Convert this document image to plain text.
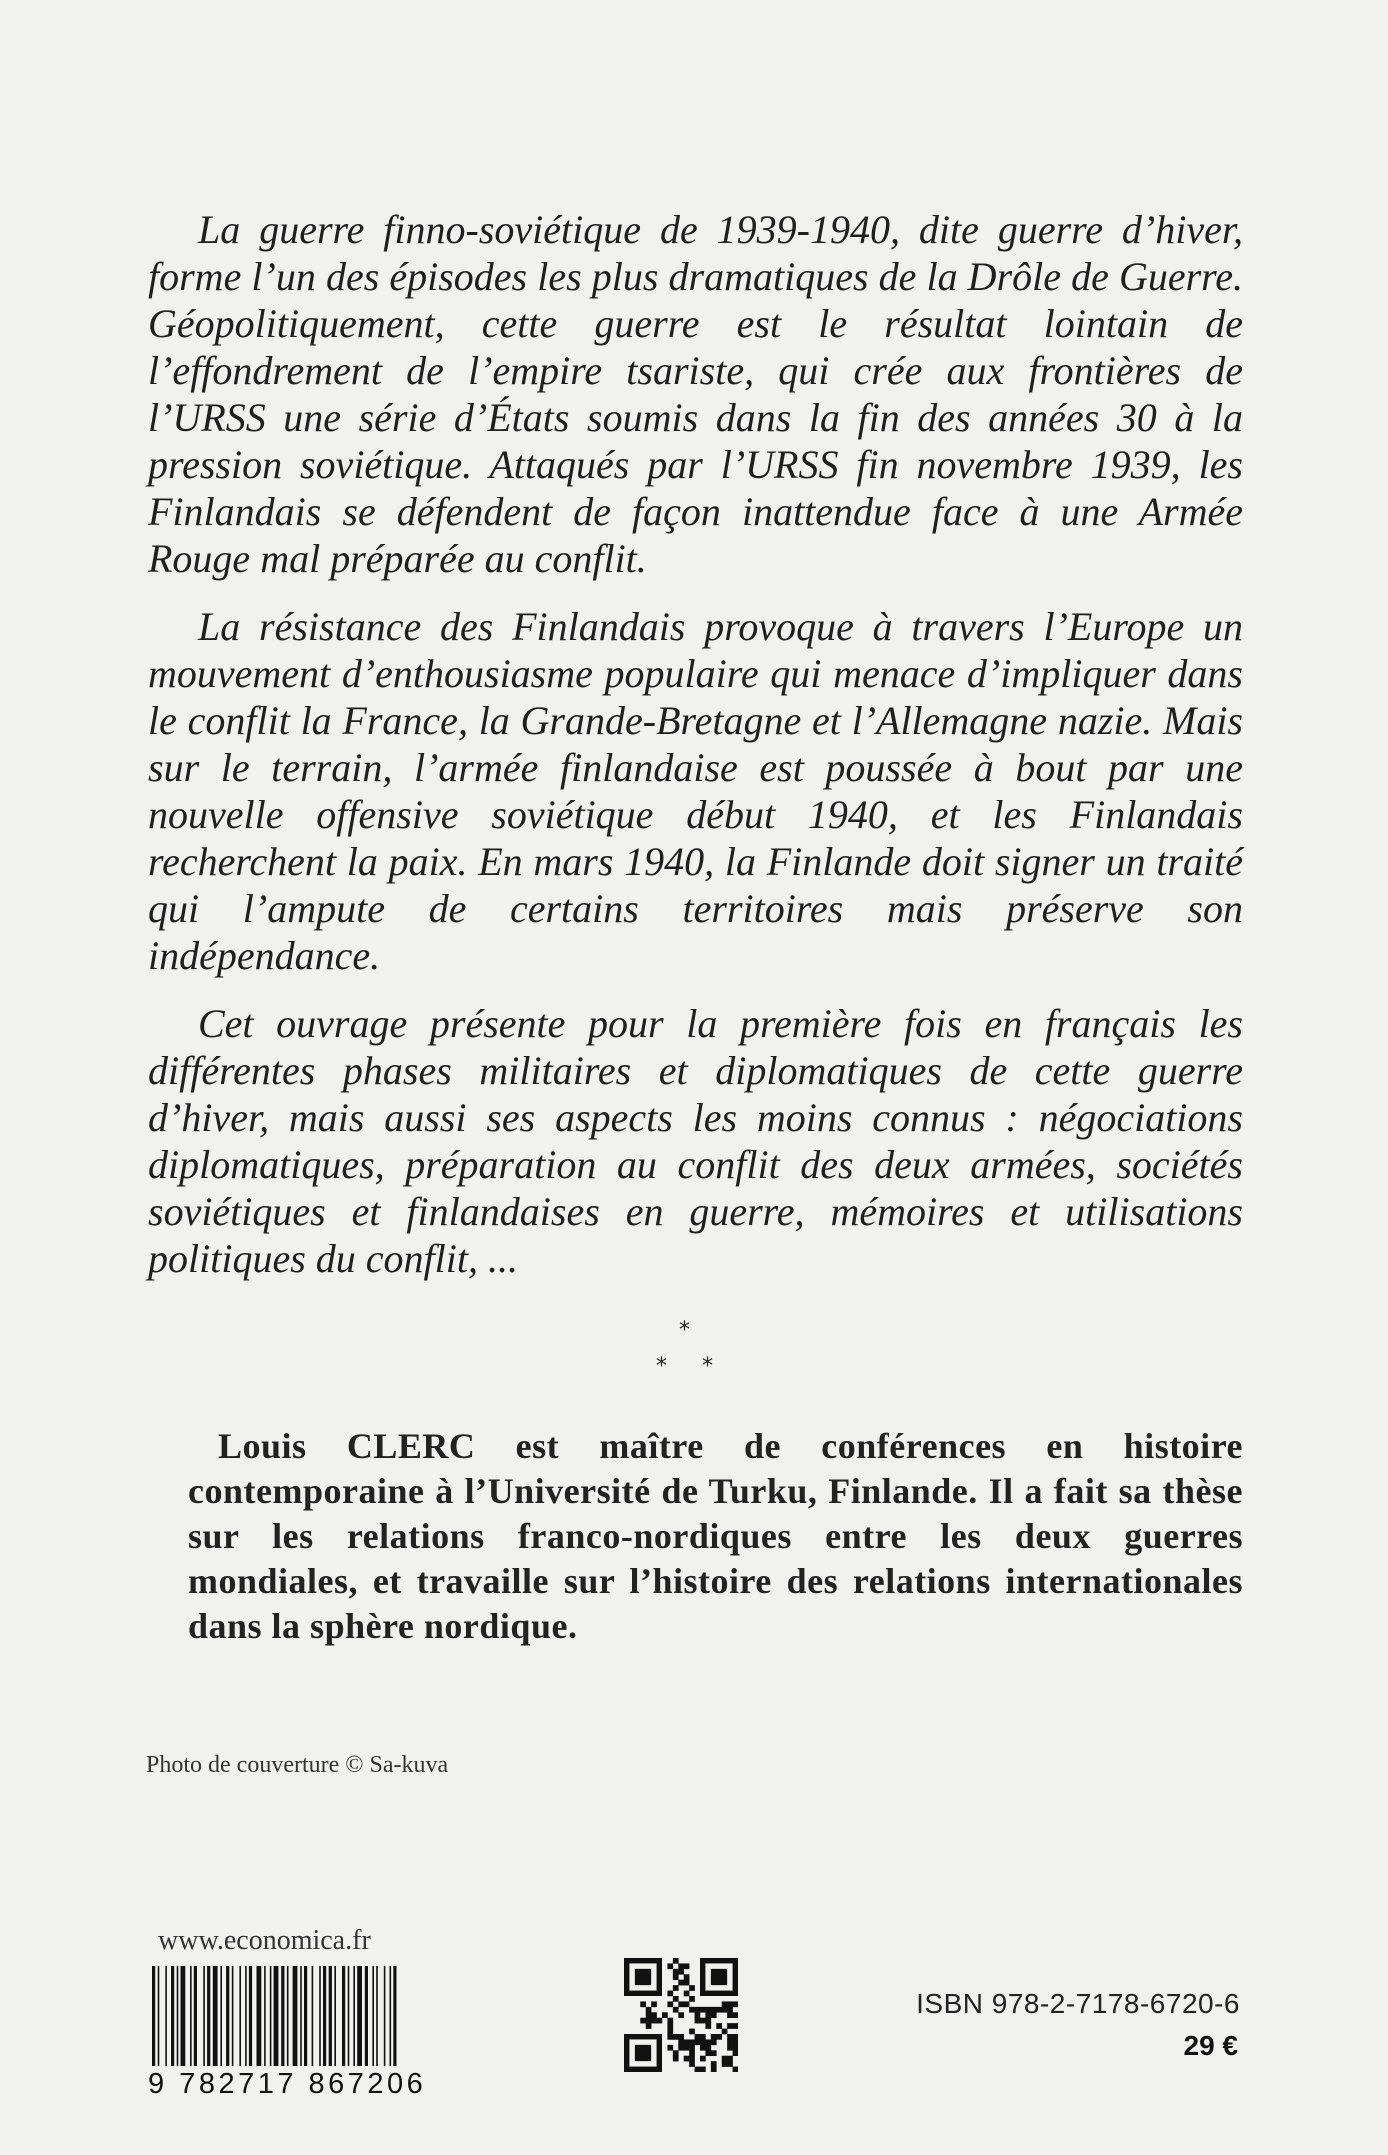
La guerre finno-soviétique de 1939-1940, dite guerre d’hiver, forme l’un des épisodes les plus dramatiques de la Drôle de Guerre. Géopolitiquement, cette guerre est le résultat lointain de l’effondrement de l’empire tsariste, qui crée aux frontières de l’URSS une série d’États soumis dans la fin des années 30 à la pression soviétique. Attaqués par l’URSS fin novembre 1939, les Finlandais se défendent de façon inattendue face à une Armée Rouge mal préparée au conflit.

La résistance des Finlandais provoque à travers l’Europe un mouvement d’enthousiasme populaire qui menace d’impliquer dans le conflit la France, la Grande-Bretagne et l’Allemagne nazie. Mais sur le terrain, l’armée finlandaise est poussée à bout par une nouvelle offensive soviétique début 1940, et les Finlandais recherchent la paix. En mars 1940, la Finlande doit signer un traité qui l’ampute de certains territoires mais préserve son indépendance.

Cet ouvrage présente pour la première fois en français les différentes phases militaires et diplomatiques de cette guerre d’hiver, mais aussi ses aspects les moins connus : négociations diplomatiques, préparation au conflit des deux armées, sociétés soviétiques et finlandaises en guerre, mémoires et utilisations politiques du conflit, ...

*
* *

Louis CLERC est maître de conférences en histoire contemporaine à l’Université de Turku, Finlande. Il a fait sa thèse sur les relations franco-nordiques entre les deux guerres mondiales, et travaille sur l’histoire des relations internationales dans la sphère nordique.

Photo de couverture © Sa-kuva
www.economica.fr
9 782717 867206
ISBN 978-2-7178-6720-6
29 €
